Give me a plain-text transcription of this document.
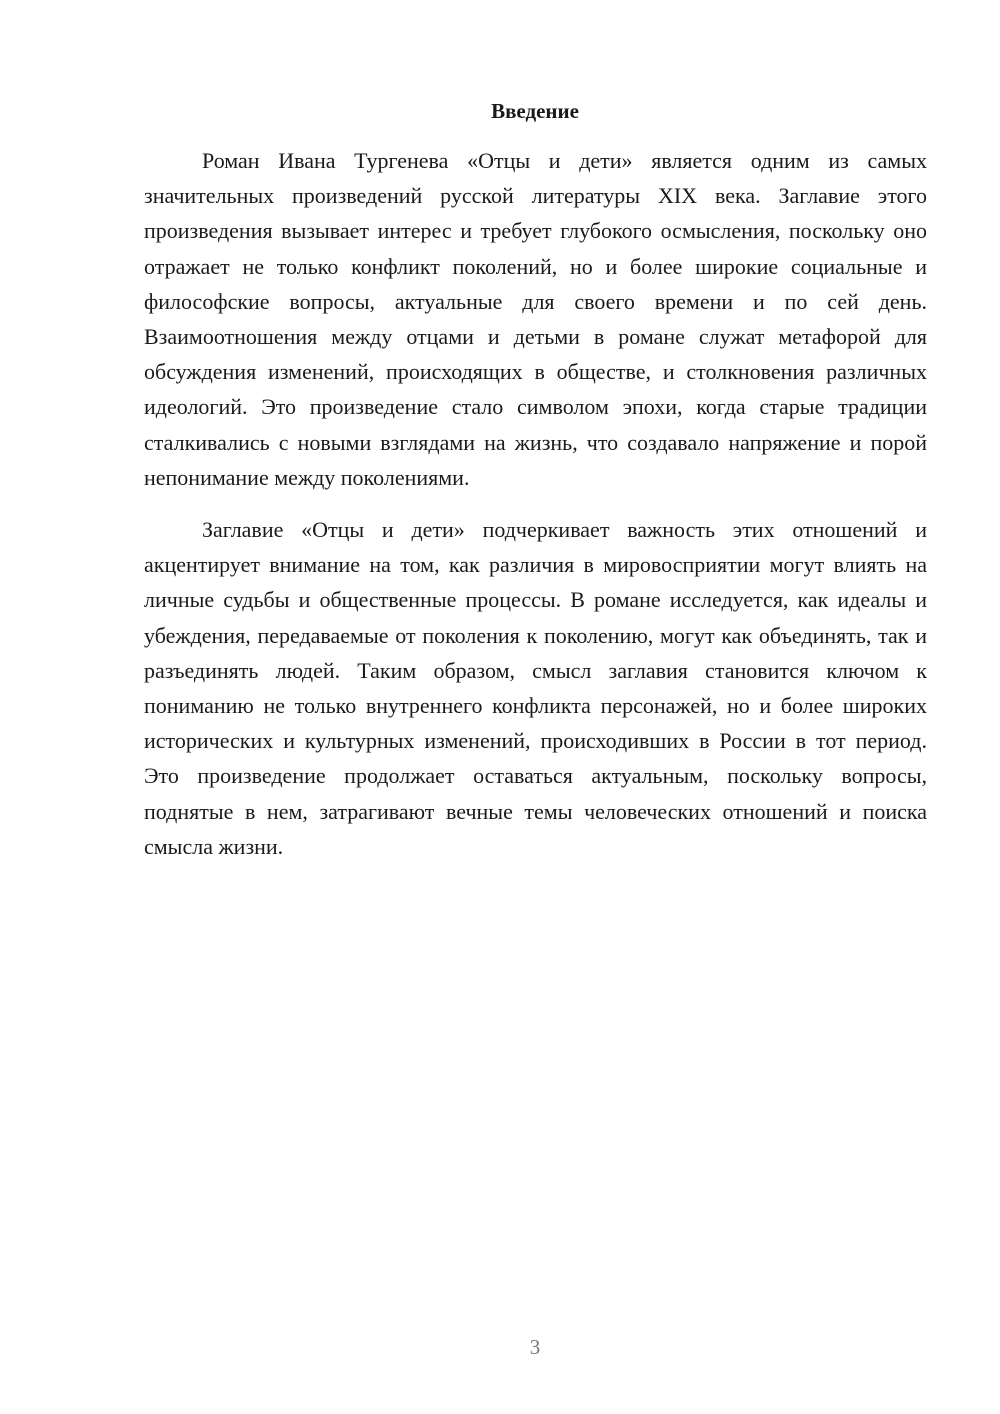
Введение

Роман Ивана Тургенева «Отцы и дети» является одним из самых значительных произведений русской литературы XIX века. Заглавие этого произведения вызывает интерес и требует глубокого осмысления, поскольку оно отражает не только конфликт поколений, но и более широкие социальные и философские вопросы, актуальные для своего времени и по сей день. Взаимоотношения между отцами и детьми в романе служат метафорой для обсуждения изменений, происходящих в обществе, и столкновения различных идеологий. Это произведение стало символом эпохи, когда старые традиции сталкивались с новыми взглядами на жизнь, что создавало напряжение и порой непонимание между поколениями.

Заглавие «Отцы и дети» подчеркивает важность этих отношений и акцентирует внимание на том, как различия в мировосприятии могут влиять на личные судьбы и общественные процессы. В романе исследуется, как идеалы и убеждения, передаваемые от поколения к поколению, могут как объединять, так и разъединять людей. Таким образом, смысл заглавия становится ключом к пониманию не только внутреннего конфликта персонажей, но и более широких исторических и культурных изменений, происходивших в России в тот период. Это произведение продолжает оставаться актуальным, поскольку вопросы, поднятые в нем, затрагивают вечные темы человеческих отношений и поиска смысла жизни.

3
